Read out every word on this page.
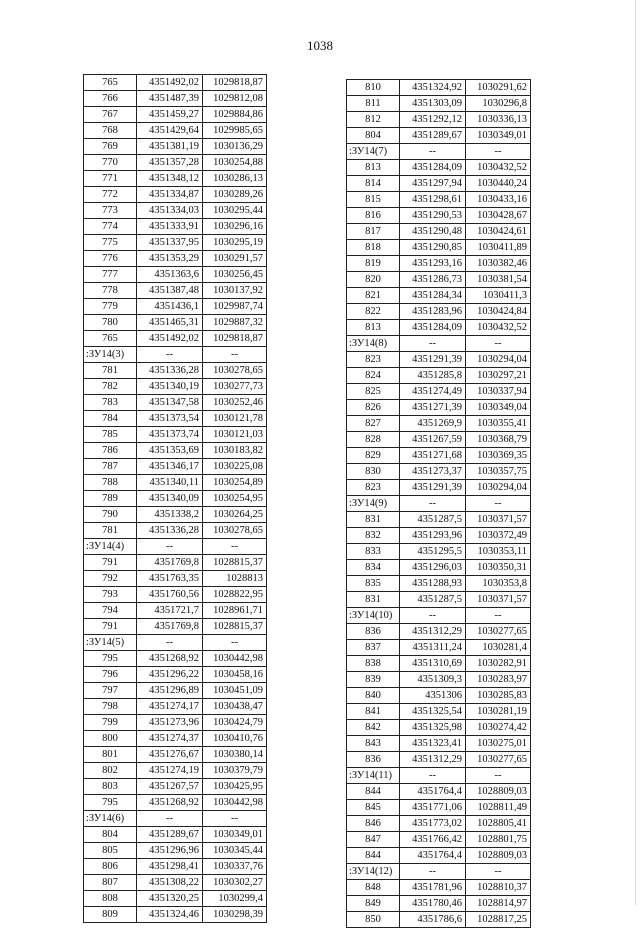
1038
765	4351492,02	1029818,87
766	4351487,39	1029812,08
767	4351459,27	1029884,86
768	4351429,64	1029985,65
769	4351381,19	1030136,29
770	4351357,28	1030254,88
771	4351348,12	1030286,13
772	4351334,87	1030289,26
773	4351334,03	1030295,44
774	4351333,91	1030296,16
775	4351337,95	1030295,19
776	4351353,29	1030291,57
777	4351363,6	1030256,45
778	4351387,48	1030137,92
779	4351436,1	1029987,74
780	4351465,31	1029887,32
765	4351492,02	1029818,87
:ЗУ14(3)	--	--
781	4351336,28	1030278,65
782	4351340,19	1030277,73
783	4351347,58	1030252,46
784	4351373,54	1030121,78
785	4351373,74	1030121,03
786	4351353,69	1030183,82
787	4351346,17	1030225,08
788	4351340,11	1030254,89
789	4351340,09	1030254,95
790	4351338,2	1030264,25
781	4351336,28	1030278,65
:ЗУ14(4)	--	--
791	4351769,8	1028815,37
792	4351763,35	1028813
793	4351760,56	1028822,95
794	4351721,7	1028961,71
791	4351769,8	1028815,37
:ЗУ14(5)	--	--
795	4351268,92	1030442,98
796	4351296,22	1030458,16
797	4351296,89	1030451,09
798	4351274,17	1030438,47
799	4351273,96	1030424,79
800	4351274,37	1030410,76
801	4351276,67	1030380,14
802	4351274,19	1030379,79
803	4351267,57	1030425,95
795	4351268,92	1030442,98
:ЗУ14(6)	--	--
804	4351289,67	1030349,01
805	4351296,96	1030345,44
806	4351298,41	1030337,76
807	4351308,22	1030302,27
808	4351320,25	1030299,4
809	4351324,46	1030298,39
810	4351324,92	1030291,62
811	4351303,09	1030296,8
812	4351292,12	1030336,13
804	4351289,67	1030349,01
:ЗУ14(7)	--	--
813	4351284,09	1030432,52
814	4351297,94	1030440,24
815	4351298,61	1030433,16
816	4351290,53	1030428,67
817	4351290,48	1030424,61
818	4351290,85	1030411,89
819	4351293,16	1030382,46
820	4351286,73	1030381,54
821	4351284,34	1030411,3
822	4351283,96	1030424,84
813	4351284,09	1030432,52
:ЗУ14(8)	--	--
823	4351291,39	1030294,04
824	4351285,8	1030297,21
825	4351274,49	1030337,94
826	4351271,39	1030349,04
827	4351269,9	1030355,41
828	4351267,59	1030368,79
829	4351271,68	1030369,35
830	4351273,37	1030357,75
823	4351291,39	1030294,04
:ЗУ14(9)	--	--
831	4351287,5	1030371,57
832	4351293,96	1030372,49
833	4351295,5	1030353,11
834	4351296,03	1030350,31
835	4351288,93	1030353,8
831	4351287,5	1030371,57
:ЗУ14(10)	--	--
836	4351312,29	1030277,65
837	4351311,24	1030281,4
838	4351310,69	1030282,91
839	4351309,3	1030283,97
840	4351306	1030285,83
841	4351325,54	1030281,19
842	4351325,98	1030274,42
843	4351323,41	1030275,01
836	4351312,29	1030277,65
:ЗУ14(11)	--	--
844	4351764,4	1028809,03
845	4351771,06	1028811,49
846	4351773,02	1028805,41
847	4351766,42	1028801,75
844	4351764,4	1028809,03
:ЗУ14(12)	--	--
848	4351781,96	1028810,37
849	4351780,46	1028814,97
850	4351786,6	1028817,25
